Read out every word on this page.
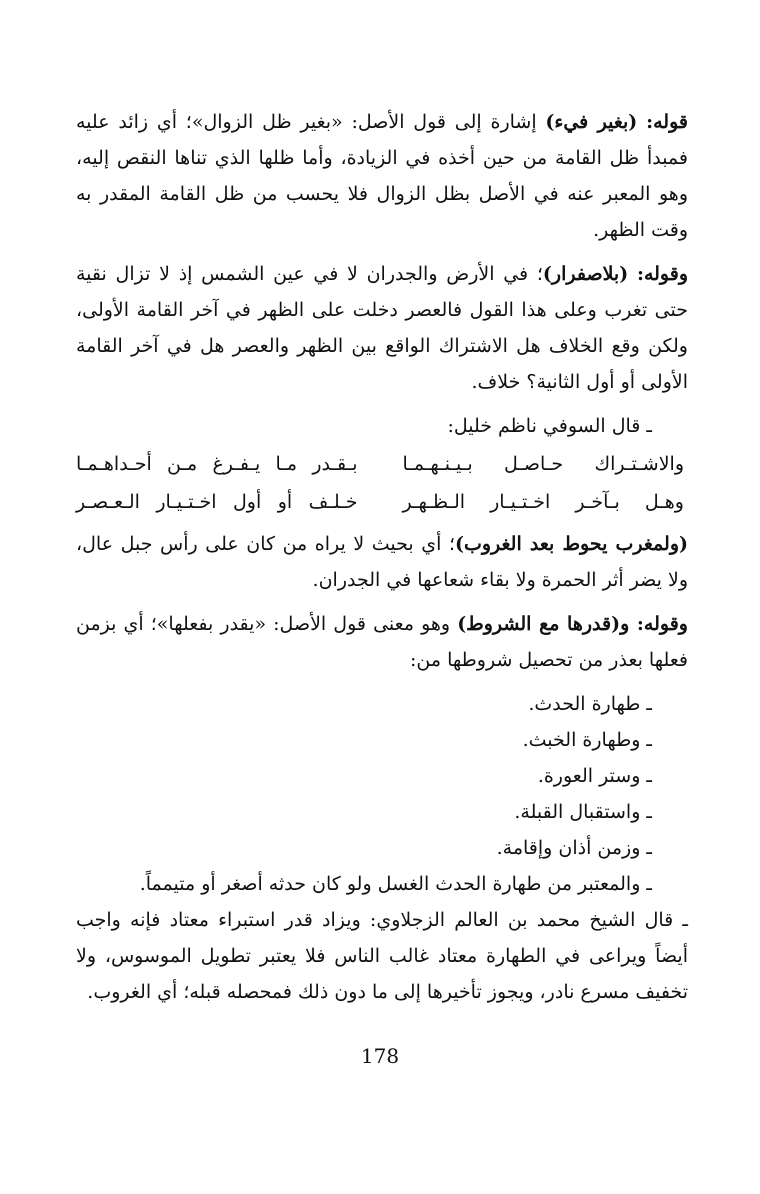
قوله: (بغير فيء) إشارة إلى قول الأصل: «بغير ظل الزوال»؛ أي زائد عليه فمبدأ ظل القامة من حين أخذه في الزيادة، وأما ظلها الذي تناها النقص إليه، وهو المعبر عنه في الأصل بظل الزوال فلا يحسب من ظل القامة المقدر به وقت الظهر.

وقوله: (بلاصفرار)؛ في الأرض والجدران لا في عين الشمس إذ لا تزال نقية حتى تغرب وعلى هذا القول فالعصر دخلت على الظهر في آخر القامة الأولى، ولكن وقع الخلاف هل الاشتراك الواقع بين الظهر والعصر هل في آخر القامة الأولى أو أول الثانية؟ خلاف.

ـ قال السوفي ناظم خليل:

والاشـتـراك حـاصـل بـيـنـهـمـا
بـقـدر مـا يـفـرغ مـن أحـداهـمـا
وهـل بـآخـر اخـتـيـار الـظـهـر
خـلـف أو أول اخـتـيـار الـعـصـر

(ولمغرب يحوط بعد الغروب)؛ أي بحيث لا يراه من كان على رأس جبل عال، ولا يضر أثر الحمرة ولا بقاء شعاعها في الجدران.

وقوله: و(قدرها مع الشروط) وهو معنى قول الأصل: «يقدر بفعلها»؛ أي بزمن فعلها بعذر من تحصيل شروطها من:

ـ طهارة الحدث.

ـ وطهارة الخبث.

ـ وستر العورة.

ـ واستقبال القبلة.

ـ وزمن أذان وإقامة.

ـ والمعتبر من طهارة الحدث الغسل ولو كان حدثه أصغر أو متيمماً.

ـ قال الشيخ محمد بن العالم الزجلاوي: ويزاد قدر استبراء معتاد فإنه واجب أيضاً ويراعى في الطهارة معتاد غالب الناس فلا يعتبر تطويل الموسوس، ولا تخفيف مسرع نادر، ويجوز تأخيرها إلى ما دون ذلك فمحصله قبله؛ أي الغروب.

178
